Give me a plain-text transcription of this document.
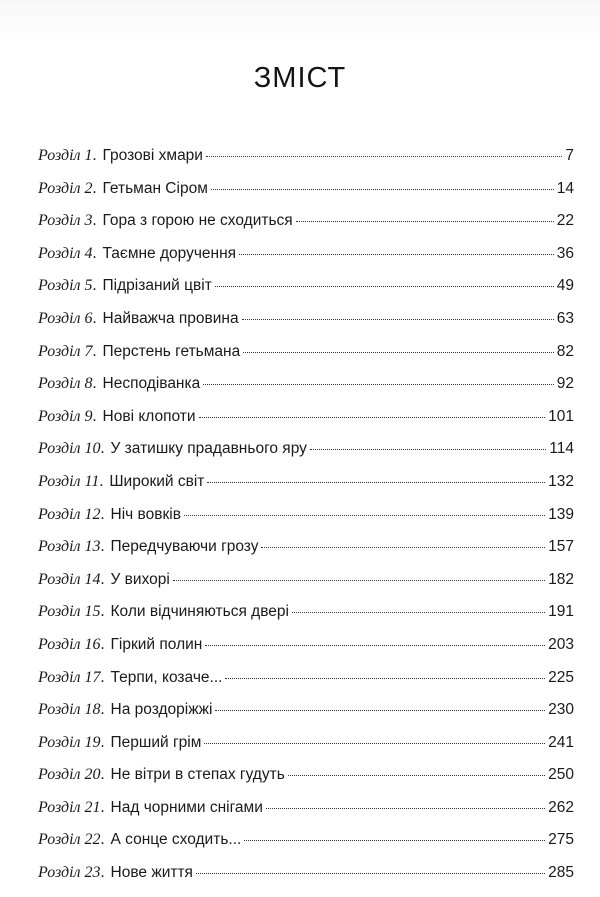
ЗМІСТ
Розділ 1 . Грозові хмари	7
Розділ 2 . Гетьман Сіром	14
Розділ 3 . Гора з горою не сходиться	22
Розділ 4 . Таємне доручення	36
Розділ 5 . Підрізаний цвіт	49
Розділ 6 . Найважча провина	63
Розділ 7 . Перстень гетьмана	82
Розділ 8 . Несподіванка	92
Розділ 9 . Нові клопоти	101
Розділ 10 . У затишку прадавнього яру	114
Розділ 11 . Широкий світ	132
Розділ 12 . Ніч вовків	139
Розділ 13 . Передчуваючи грозу	157
Розділ 14 . У вихорі	182
Розділ 15 . Коли відчиняються двері	191
Розділ 16 . Гіркий полин	203
Розділ 17 . Терпи, козаче...	225
Розділ 18 . На роздоріжжі	230
Розділ 19 . Перший грім	241
Розділ 20 . Не вітри в степах гудуть	250
Розділ 21 . Над чорними снігами	262
Розділ 22 . А сонце сходить...	275
Розділ 23 . Нове життя	285
